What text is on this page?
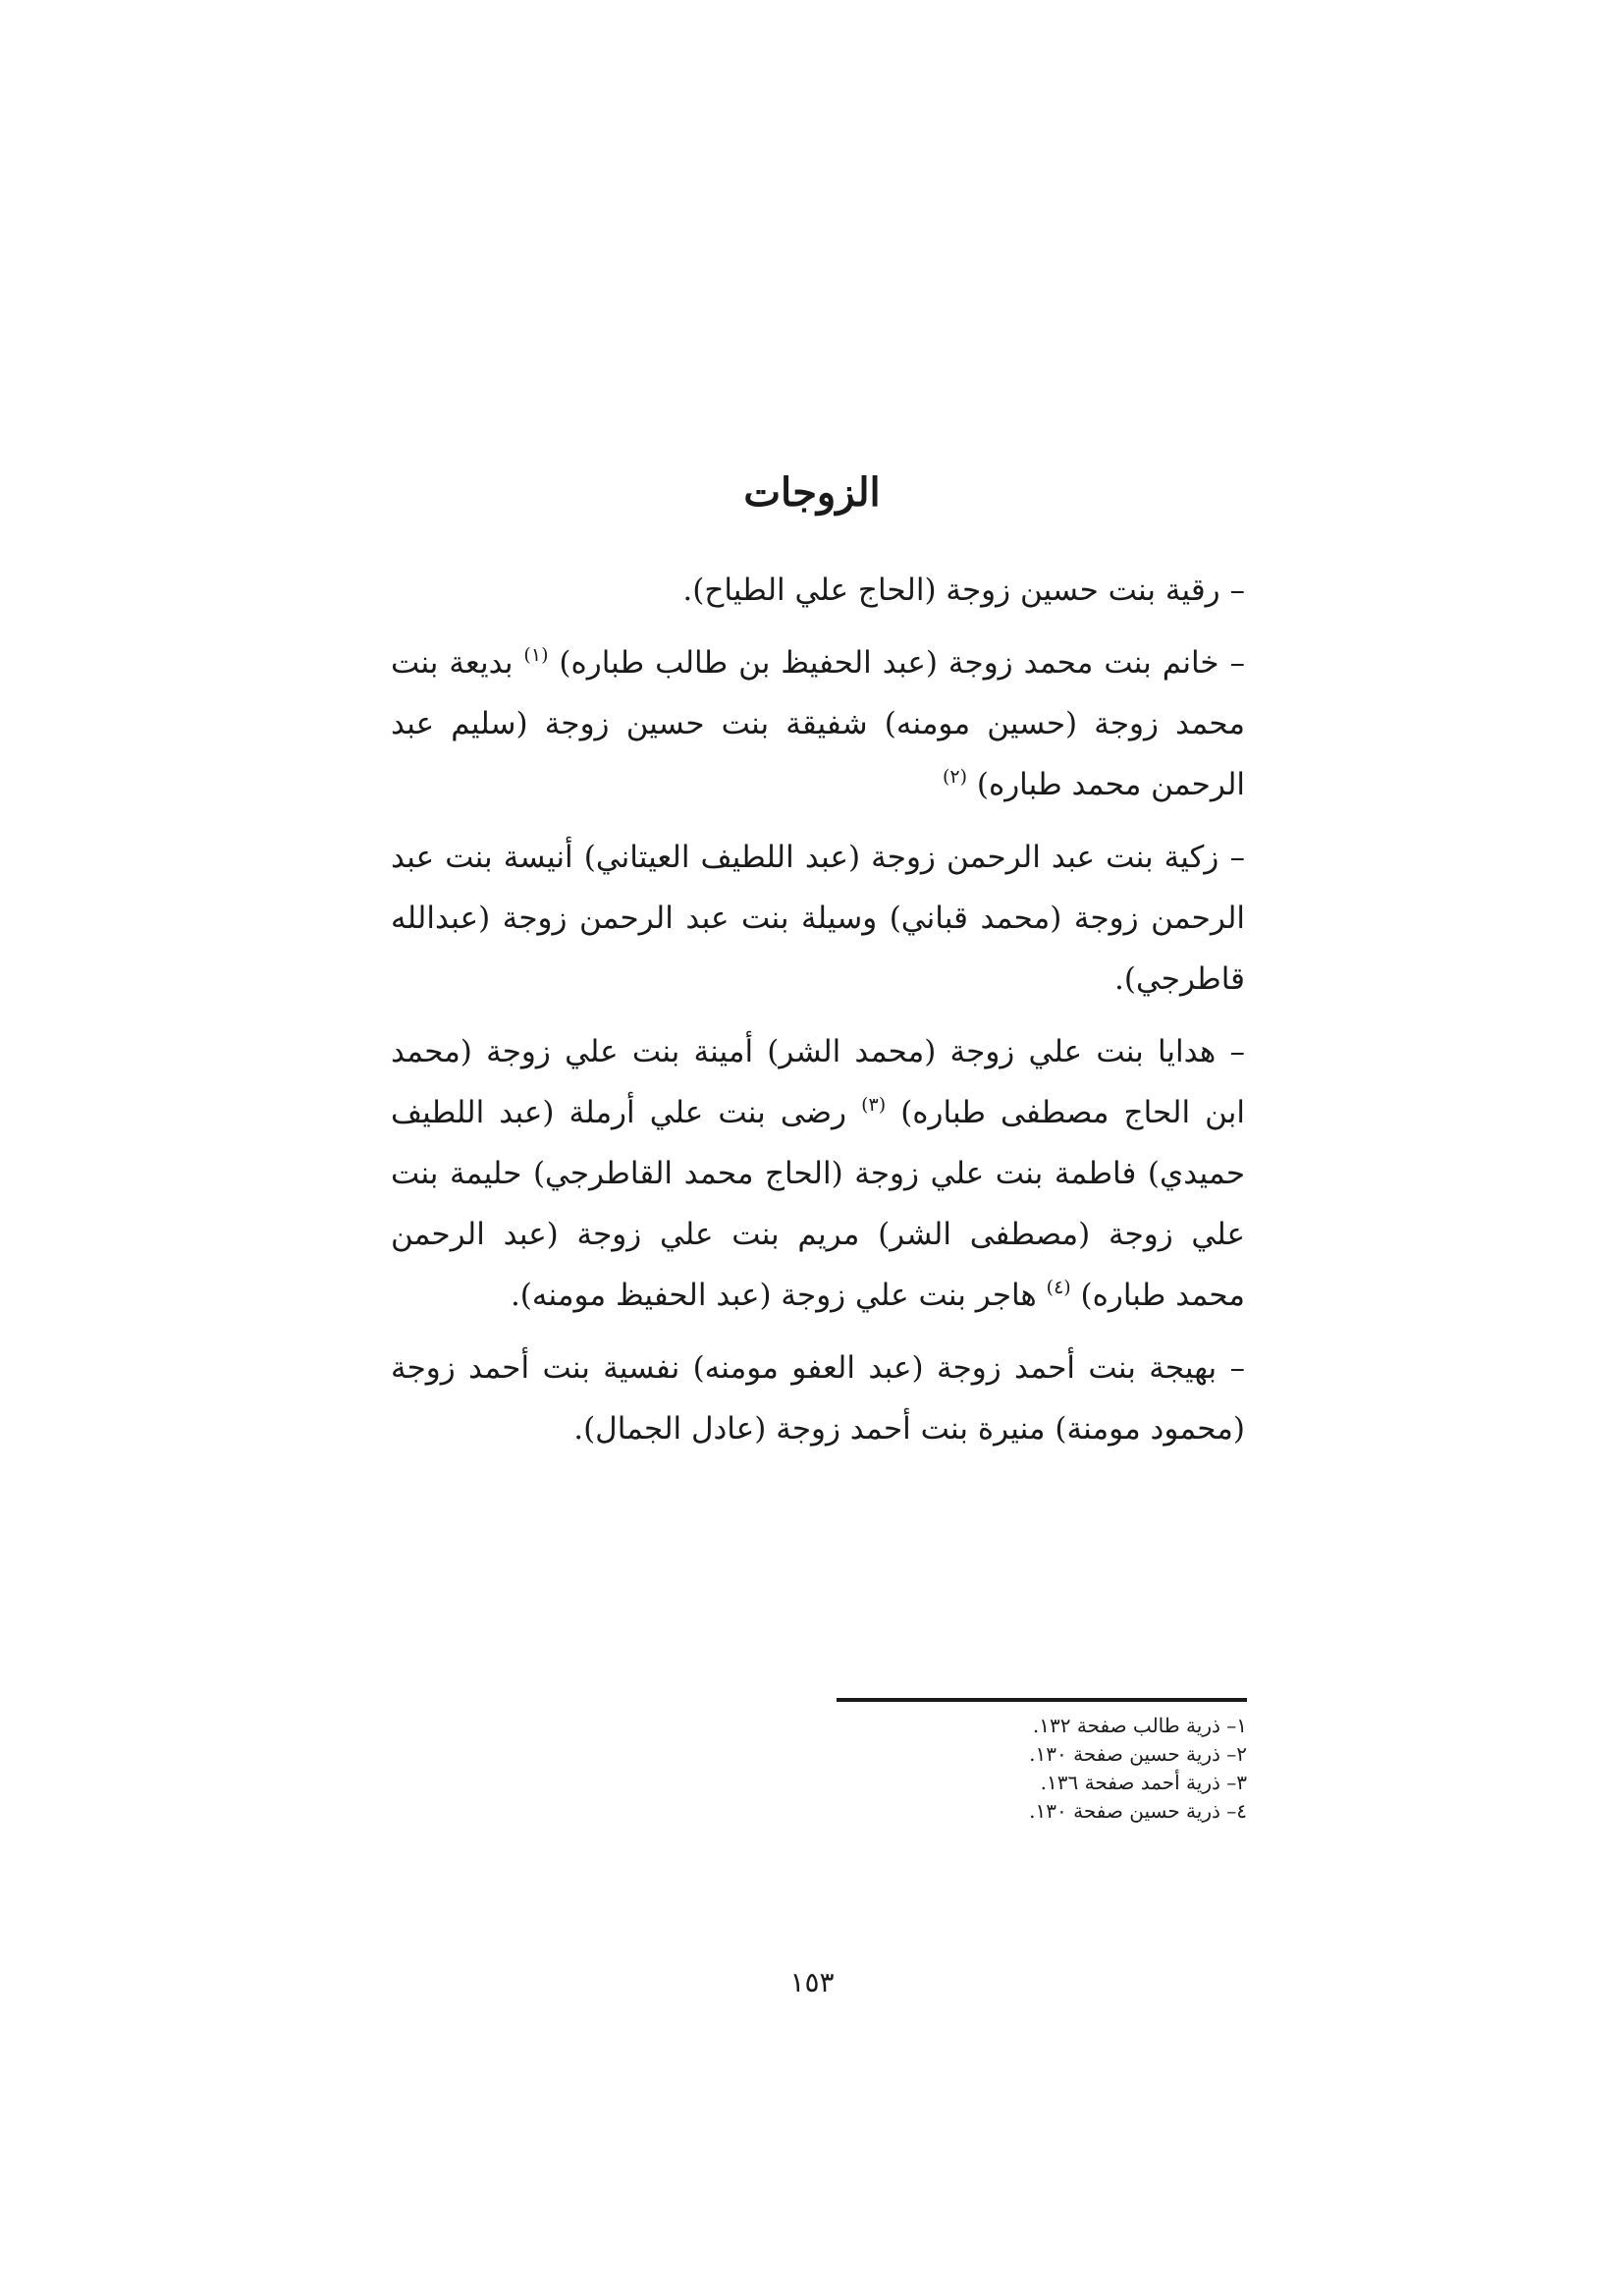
الزوجات

– رقية بنت حسين زوجة (الحاج علي الطياح).

– خانم بنت محمد زوجة (عبد الحفيظ بن طالب طباره) $^{(١)}$ بديعة بنت محمد زوجة (حسين مومنه) شفيقة بنت حسين زوجة (سليم عبد الرحمن محمد طباره) $^{(٢)}$

– زكية بنت عبد الرحمن زوجة (عبد اللطيف العيتاني) أنيسة بنت عبد الرحمن زوجة (محمد قباني) وسيلة بنت عبد الرحمن زوجة (عبدالله قاطرجي).

– هدايا بنت علي زوجة (محمد الشر) أمينة بنت علي زوجة (محمد ابن الحاج مصطفى طباره) $^{(٣)}$ رضى بنت علي أرملة (عبد اللطيف حميدي) فاطمة بنت علي زوجة (الحاج محمد القاطرجي) حليمة بنت علي زوجة (مصطفى الشر) مريم بنت علي زوجة (عبد الرحمن محمد طباره) $^{(٤)}$ هاجر بنت علي زوجة (عبد الحفيظ مومنه).

– بهيجة بنت أحمد زوجة (عبد العفو مومنه) نفسية بنت أحمد زوجة (محمود مومنة) منيرة بنت أحمد زوجة (عادل الجمال).

١– ذرية طالب صفحة ١٣٢.
٢– ذرية حسين صفحة ١٣٠.
٣– ذرية أحمد صفحة ١٣٦.
٤– ذرية حسين صفحة ١٣٠.
١٥٣
